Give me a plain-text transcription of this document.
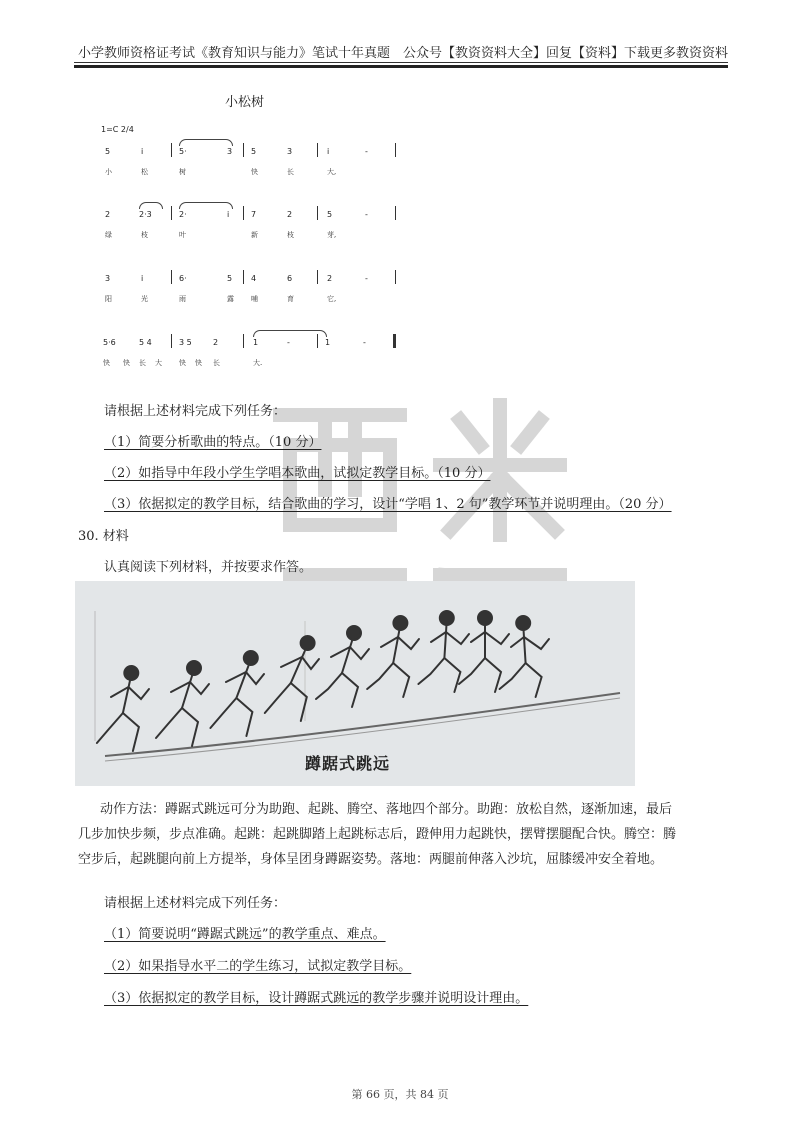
小学教师资格证考试《教育知识与能力》笔试十年真题 公众号【教资资料大全】回复【资料】下载更多教资资料
小松树
1=C 2/4
5	i	5·	3 5	3	i	-
小	松	树	快	长	大,
2	2·3	2·	i	7	2	5	-
绿	枝	叶	新	枝	芽,
3	i	6·	5 4	6	2	-
阳	光	雨	露 哺	育	它,
5·6	5 4	3 5	2	1	-	1	-
快 快 长 大 快 快 长	大.
请根据上述材料完成下列任务：
（1）简要分析歌曲的特点。（10 分）
（2）如指导中年段小学生学唱本歌曲，试拟定教学目标。（10 分）
（3）依据拟定的教学目标，结合歌曲的学习，设计“学唱 1、2 句”教学环节并说明理由。（20 分）
30. 材料
认真阅读下列材料，并按要求作答。
蹲踞式跳远
动作方法：蹲踞式跳远可分为助跑、起跳、腾空、落地四个部分。助跑：放松自然，逐渐加速，最后
几步加快步频，步点准确。起跳：起跳脚踏上起跳标志后，蹬伸用力起跳快，摆臂摆腿配合快。腾空：腾
空步后，起跳腿向前上方提举，身体呈团身蹲踞姿势。落地：两腿前伸落入沙坑，屈膝缓冲安全着地。
请根据上述材料完成下列任务：
（1）简要说明“蹲踞式跳远”的教学重点、难点。
（2）如果指导水平二的学生练习，试拟定教学目标。
（3）依据拟定的教学目标，设计蹲踞式跳远的教学步骤并说明设计理由。
第 66 页，共 84 页
